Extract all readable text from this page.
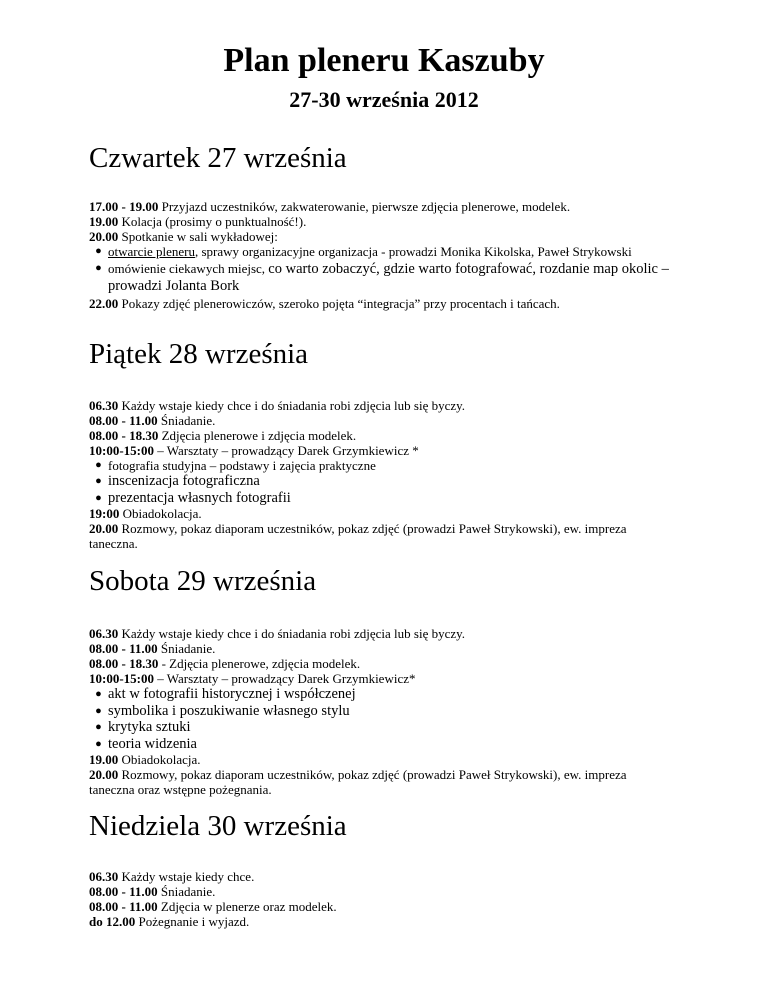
Plan pleneru Kaszuby
27-30 września 2012
Czwartek 27 września

17.00 - 19.00 Przyjazd uczestników, zakwaterowanie, pierwsze zdjęcia plenerowe, modelek.

19.00 Kolacja (prosimy o punktualność!).

20.00 Spotkanie w sali wykładowej:

● otwarcie pleneru, sprawy organizacyjne organizacja - prowadzi Monika Kikolska, Paweł Strykowski
● omówienie ciekawych miejsc, co warto zobaczyć, gdzie warto fotografować, rozdanie map okolic – prowadzi Jolanta Bork

22.00 Pokazy zdjęć plenerowiczów, szeroko pojęta “integracja” przy procentach i tańcach.

Piątek 28 września

06.30 Każdy wstaje kiedy chce i do śniadania robi zdjęcia lub się byczy.

08.00 - 11.00 Śniadanie.

08.00 - 18.30 Zdjęcia plenerowe i zdjęcia modelek.

10:00-15:00 – Warsztaty – prowadzący Darek Grzymkiewicz *

● fotografia studyjna – podstawy i zajęcia praktyczne
● inscenizacja fotograficzna
● prezentacja własnych fotografii

19:00 Obiadokolacja.

20.00 Rozmowy, pokaz diaporam uczestników, pokaz zdjęć (prowadzi Paweł Strykowski), ew. impreza taneczna.

Sobota 29 września

06.30 Każdy wstaje kiedy chce i do śniadania robi zdjęcia lub się byczy.

08.00 - 11.00 Śniadanie.

08.00 - 18.30 - Zdjęcia plenerowe, zdjęcia modelek.

10:00-15:00 – Warsztaty – prowadzący Darek Grzymkiewicz*

● akt w fotografii historycznej i współczenej
● symbolika i poszukiwanie własnego stylu
● krytyka sztuki
● teoria widzenia

19.00 Obiadokolacja.

20.00 Rozmowy, pokaz diaporam uczestników, pokaz zdjęć (prowadzi Paweł Strykowski), ew. impreza taneczna oraz wstępne pożegnania.

Niedziela 30 września

06.30 Każdy wstaje kiedy chce.

08.00 - 11.00 Śniadanie.

08.00 - 11.00 Zdjęcia w plenerze oraz modelek.

do 12.00 Pożegnanie i wyjazd.
